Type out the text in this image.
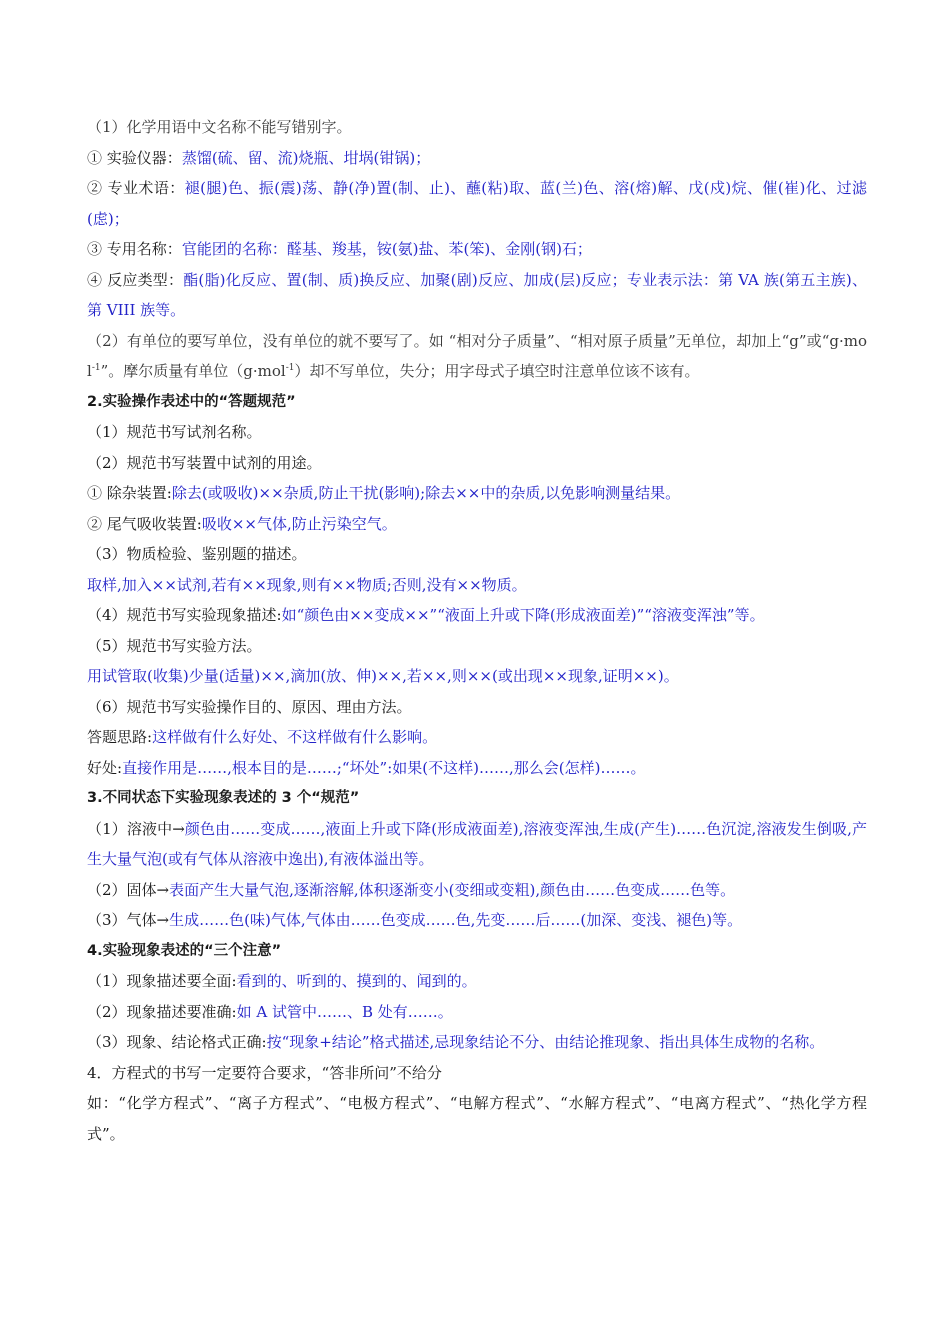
（1）化学用语中文名称不能写错别字。

① 实验仪器：蒸馏(硫、留、流)烧瓶、坩埚(钳锅)；

② 专业术语：褪(腿)色、振(震)荡、静(净)置(制、止)、蘸(粘)取、蓝(兰)色、溶(熔)解、戊(戍)烷、催(崔)化、过滤(虑)；

③ 专用名称：官能团的名称：醛基、羧基，铵(氨)盐、苯(笨)、金刚(钢)石；

④ 反应类型：酯(脂)化反应、置(制、质)换反应、加聚(剧)反应、加成(层)反应；专业表示法：第 VA 族(第五主族)、第 VIII 族等。

（2）有单位的要写单位，没有单位的就不要写了。如 “相对分子质量”、“相对原子质量”无单位，却加上“g”或“g·mol$^{-1}$”。摩尔质量有单位（g·mol$^{-1}$）却不写单位，失分；用字母式子填空时注意单位该不该有。

2.实验操作表述中的“答题规范”

（1）规范书写试剂名称。

（2）规范书写装置中试剂的用途。

① 除杂装置:除去(或吸收)××杂质,防止干扰(影响);除去××中的杂质,以免影响测量结果。

② 尾气吸收装置:吸收××气体,防止污染空气。

（3）物质检验、鉴别题的描述。

取样,加入××试剂,若有××现象,则有××物质;否则,没有××物质。

（4）规范书写实验现象描述:如“颜色由××变成××”“液面上升或下降(形成液面差)”“溶液变浑浊”等。

（5）规范书写实验方法。

用试管取(收集)少量(适量)××,滴加(放、伸)××,若××,则××(或出现××现象,证明××)。

（6）规范书写实验操作目的、原因、理由方法。

答题思路:这样做有什么好处、不这样做有什么影响。

好处:直接作用是……,根本目的是……;“坏处”:如果(不这样)……,那么会(怎样)……。

3.不同状态下实验现象表述的 3 个“规范”

（1）溶液中→颜色由……变成……,液面上升或下降(形成液面差),溶液变浑浊,生成(产生)……色沉淀,溶液发生倒吸,产生大量气泡(或有气体从溶液中逸出),有液体溢出等。

（2）固体→表面产生大量气泡,逐渐溶解,体积逐渐变小(变细或变粗),颜色由……色变成……色等。

（3）气体→生成……色(味)气体,气体由……色变成……色,先变……后……(加深、变浅、褪色)等。

4.实验现象表述的“三个注意”

（1）现象描述要全面:看到的、听到的、摸到的、闻到的。

（2）现象描述要准确:如 A 试管中……、B 处有……。

（3）现象、结论格式正确:按“现象+结论”格式描述,忌现象结论不分、由结论推现象、指出具体生成物的名称。

4．方程式的书写一定要符合要求，“答非所问”不给分

如：“化学方程式”、“离子方程式”、“电极方程式”、“电解方程式”、“水解方程式”、“电离方程式”、“热化学方程式”。
